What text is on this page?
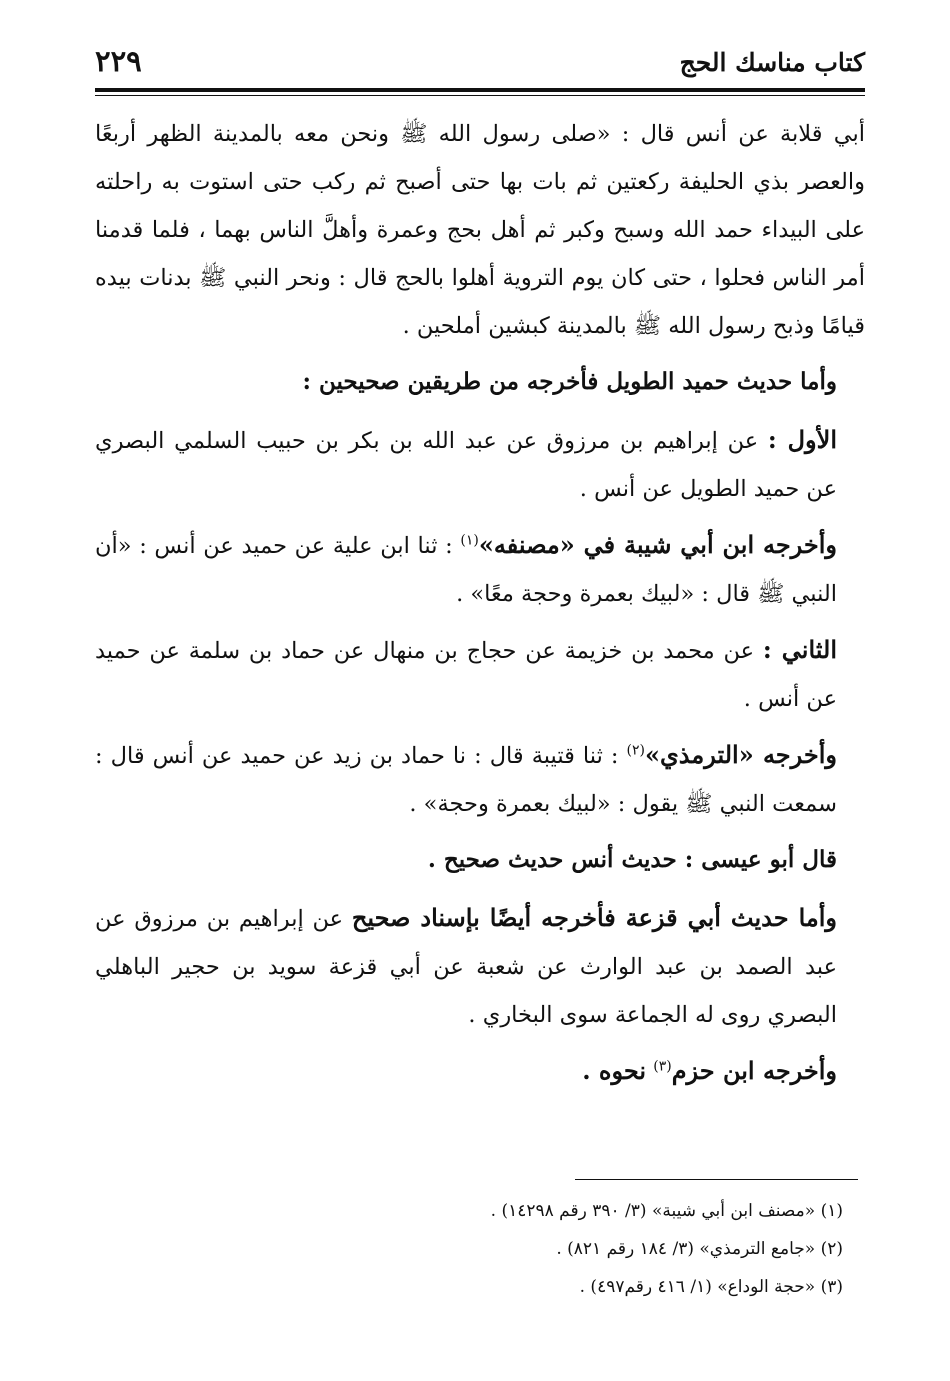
كتاب مناسك الحج
٢٢٩

أبي قلابة عن أنس قال : «صلى رسول الله ﷺ ونحن معه بالمدينة الظهر أربعًا والعصر بذي الحليفة ركعتين ثم بات بها حتى أصبح ثم ركب حتى استوت به راحلته على البيداء حمد الله وسبح وكبر ثم أهل بحج وعمرة وأهلَّ الناس بهما ، فلما قدمنا أمر الناس فحلوا ، حتى كان يوم التروية أهلوا بالحج قال : ونحر النبي ﷺ بدنات بيده قيامًا وذبح رسول الله ﷺ بالمدينة كبشين أملحين .

وأما حديث حميد الطويل فأخرجه من طريقين صحيحين :

الأول : عن إبراهيم بن مرزوق عن عبد الله بن بكر بن حبيب السلمي البصري عن حميد الطويل عن أنس .

وأخرجه ابن أبي شيبة في «مصنفه»$^{(١)}$ : ثنا ابن علية عن حميد عن أنس : «أن النبي ﷺ قال : «لبيك بعمرة وحجة معًا» .

الثاني : عن محمد بن خزيمة عن حجاج بن منهال عن حماد بن سلمة عن حميد عن أنس .

وأخرجه «الترمذي»$^{(٢)}$ : ثنا قتيبة قال : نا حماد بن زيد عن حميد عن أنس قال : سمعت النبي ﷺ يقول : «لبيك بعمرة وحجة» .

قال أبو عيسى : حديث أنس حديث صحيح .

وأما حديث أبي قزعة فأخرجه أيضًا بإسناد صحيح عن إبراهيم بن مرزوق عن عبد الصمد بن عبد الوارث عن شعبة عن أبي قزعة سويد بن حجير الباهلي البصري روى له الجماعة سوى البخاري .

وأخرجه ابن حزم$^{(٣)}$ نحوه .

(١) «مصنف ابن أبي شيبة» (٣/ ٣٩٠ رقم ١٤٢٩٨) .
(٢) «جامع الترمذي» (٣/ ١٨٤ رقم ٨٢١) .
(٣) «حجة الوداع» (١/ ٤١٦ رقم٤٩٧) .
